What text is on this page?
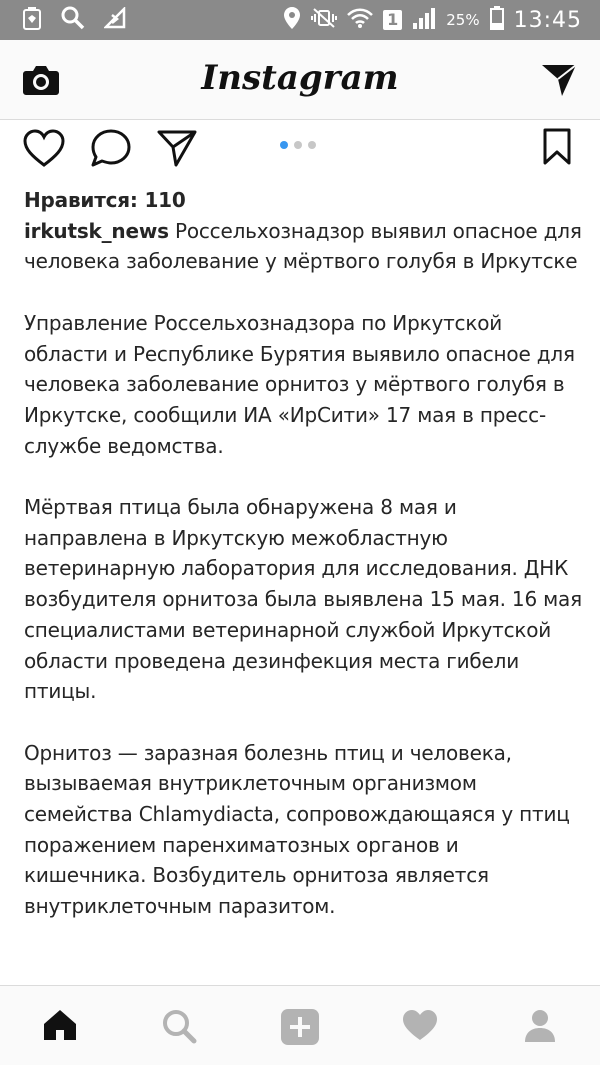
1	25% 13:45
Instagram
Нравится: 110
irkutsk_news Россельхознадзор выявил опасное для человека заболевание у мёртвого голубя в Иркутске

Управление Россельхознадзора по Иркутской области и Республике Бурятия выявило опасное для человека заболевание орнитоз у мёртвого голубя в Иркутске, сообщили ИА «ИрСити» 17 мая в пресс-службе ведомства.

Мёртвая птица была обнаружена 8 мая и направлена в Иркутскую межобластную ветеринарную лаборатория для исследования. ДНК возбудителя орнитоза была выявлена 15 мая. 16 мая специалистами ветеринарной службой Иркутской области проведена дезинфекция места гибели птицы.

Орнитоз — заразная болезнь птиц и человека, вызываемая внутриклеточным организмом семейства Chlamydiacta, сопровождающаяся у птиц поражением паренхиматозных органов и кишечника. Возбудитель орнитоза является внутриклеточным паразитом.
